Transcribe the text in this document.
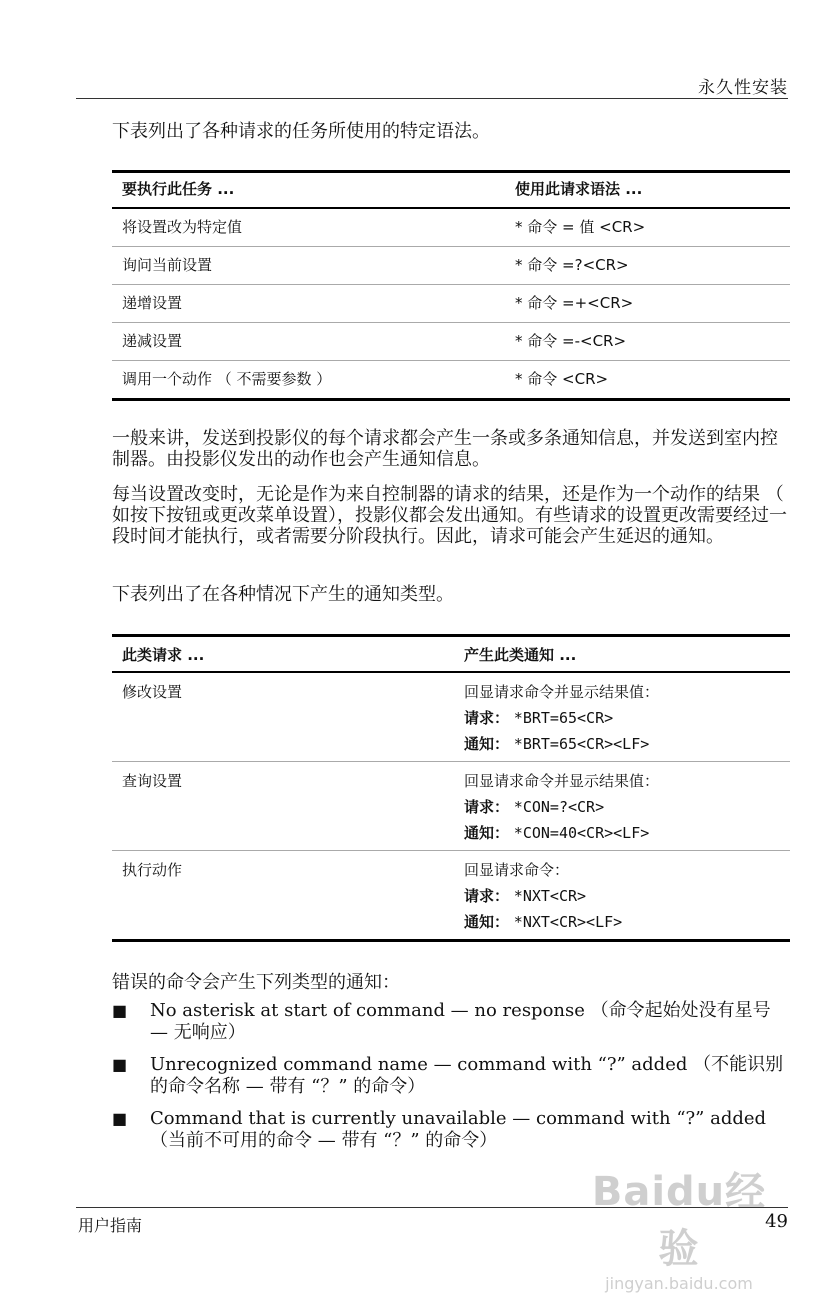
永久性安装
下表列出了各种请求的任务所使用的特定语法。
要执行此任务 ...	使用此请求语法 ...
将设置改为特定值	* 命令 = 值 <CR>
询问当前设置	* 命令 =?<CR>
递增设置	* 命令 =+<CR>
递减设置	* 命令 =-<CR>
调用一个动作 （ 不需要参数 ）	* 命令 <CR>
一般来讲，发送到投影仪的每个请求都会产生一条或多条通知信息，并发送到室内控制器。由投影仪发出的动作也会产生通知信息。
每当设置改变时，无论是作为来自控制器的请求的结果，还是作为一个动作的结果 （ 如按下按钮或更改菜单设置），投影仪都会发出通知。有些请求的设置更改需要经过一段时间才能执行，或者需要分阶段执行。因此，请求可能会产生延迟的通知。
下表列出了在各种情况下产生的通知类型。
此类请求 ...	产生此类通知 ...
修改设置	回显请求命令并显示结果值：
请求： *BRT=65<CR>
通知： *BRT=65<CR><LF>
查询设置	回显请求命令并显示结果值：
请求： *CON=?<CR>
通知： *CON=40<CR><LF>
执行动作	回显请求命令：
请求： *NXT<CR>
通知： *NXT<CR><LF>
错误的命令会产生下列类型的通知：
■	No asterisk at start of command — no response （命令起始处没有星号 — 无响应）
■	Unrecognized command name — command with “?” added （不能识别的命令名称 — 带有 “？” 的命令）
■	Command that is currently unavailable — command with “?” added （当前不可用的命令 — 带有 “？” 的命令）
Baidu经验
jingyan.baidu.com
用户指南	49
